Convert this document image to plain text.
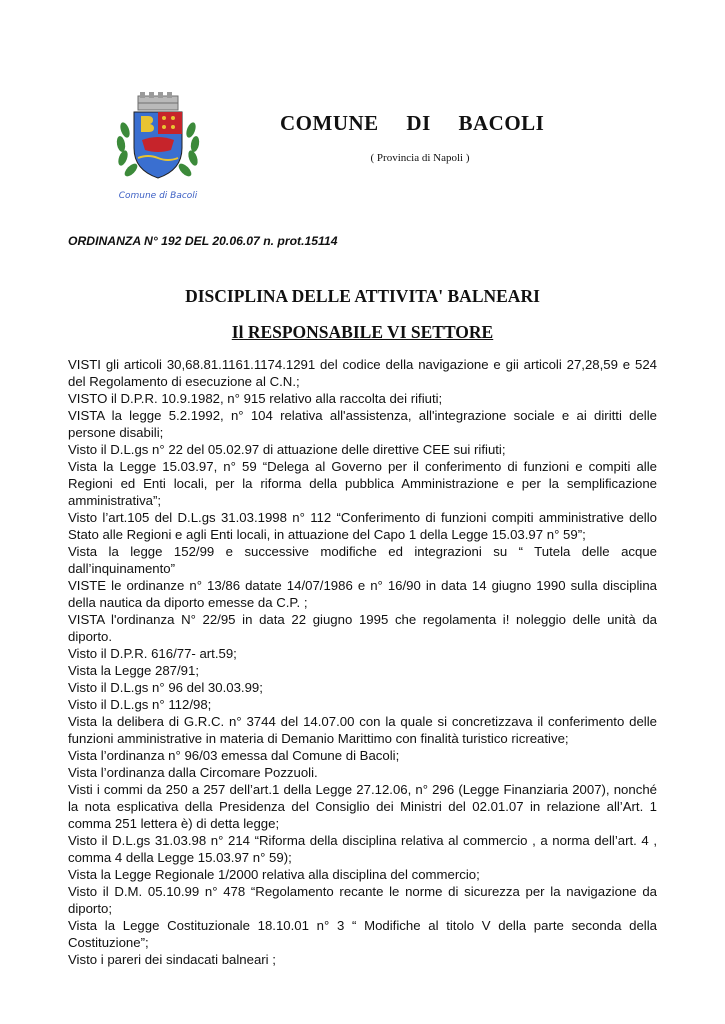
Comune di Bacoli
COMUNE DI BACOLI
( Provincia di Napoli )
ORDINANZA N° 192 DEL 20.06.07 n. prot.15114
DISCIPLINA DELLE ATTIVITA' BALNEARI
Il RESPONSABILE VI SETTORE

VISTI gli articoli 30,68.81.1161.1174.1291 del codice della navigazione e gii articoli 27,28,59 e 524 del Regolamento di esecuzione al C.N.;

VISTO il D.P.R. 10.9.1982, n° 915 relativo alla raccolta dei rifiuti;

VISTA la legge 5.2.1992, n° 104 relativa all'assistenza, all'integrazione sociale e ai diritti delle persone disabili;

Visto il D.L.gs n° 22 del 05.02.97 di attuazione delle direttive CEE sui rifiuti;

Vista la Legge 15.03.97, n° 59 “Delega al Governo per il conferimento di funzioni e compiti alle Regioni ed Enti locali, per la riforma della pubblica Amministrazione e per la semplificazione amministrativa”;

Visto l’art.105 del D.L.gs 31.03.1998 n° 112 “Conferimento di funzioni compiti amministrative dello Stato alle Regioni e agli Enti locali, in attuazione del Capo 1 della Legge 15.03.97 n° 59”;

Vista la legge 152/99 e successive modifiche ed integrazioni su “ Tutela delle acque dall’inquinamento”

VISTE le ordinanze n° 13/86 datate 14/07/1986 e n° 16/90 in data 14 giugno 1990 sulla disciplina della nautica da diporto emesse da C.P. ;

VISTA l'ordinanza N° 22/95 in data 22 giugno 1995 che regolamenta i! noleggio delle unità da diporto.

Visto il D.P.R. 616/77- art.59;

Vista la Legge 287/91;

Visto il D.L.gs n° 96 del 30.03.99;

Visto il D.L.gs n° 112/98;

Vista la delibera di G.R.C. n° 3744 del 14.07.00 con la quale si concretizzava il conferimento delle funzioni amministrative in materia di Demanio Marittimo con finalità turistico ricreative;

Vista l’ordinanza n° 96/03 emessa dal Comune di Bacoli;

Vista l’ordinanza dalla Circomare Pozzuoli.

Visti i commi da 250 a 257 dell’art.1 della Legge 27.12.06, n° 296 (Legge Finanziaria 2007), nonché la nota esplicativa della Presidenza del Consiglio dei Ministri del 02.01.07 in relazione all’Art. 1 comma 251 lettera è) di detta legge;

Visto il D.L.gs 31.03.98 n° 214 “Riforma della disciplina relativa al commercio , a norma dell’art. 4 , comma 4 della Legge 15.03.97 n° 59);

Vista la Legge Regionale 1/2000 relativa alla disciplina del commercio;

Visto il D.M. 05.10.99 n° 478 “Regolamento recante le norme di sicurezza per la navigazione da diporto;

Vista la Legge Costituzionale 18.10.01 n° 3 “ Modifiche al titolo V della parte seconda della Costituzione”;

Visto i pareri dei sindacati balneari ;
